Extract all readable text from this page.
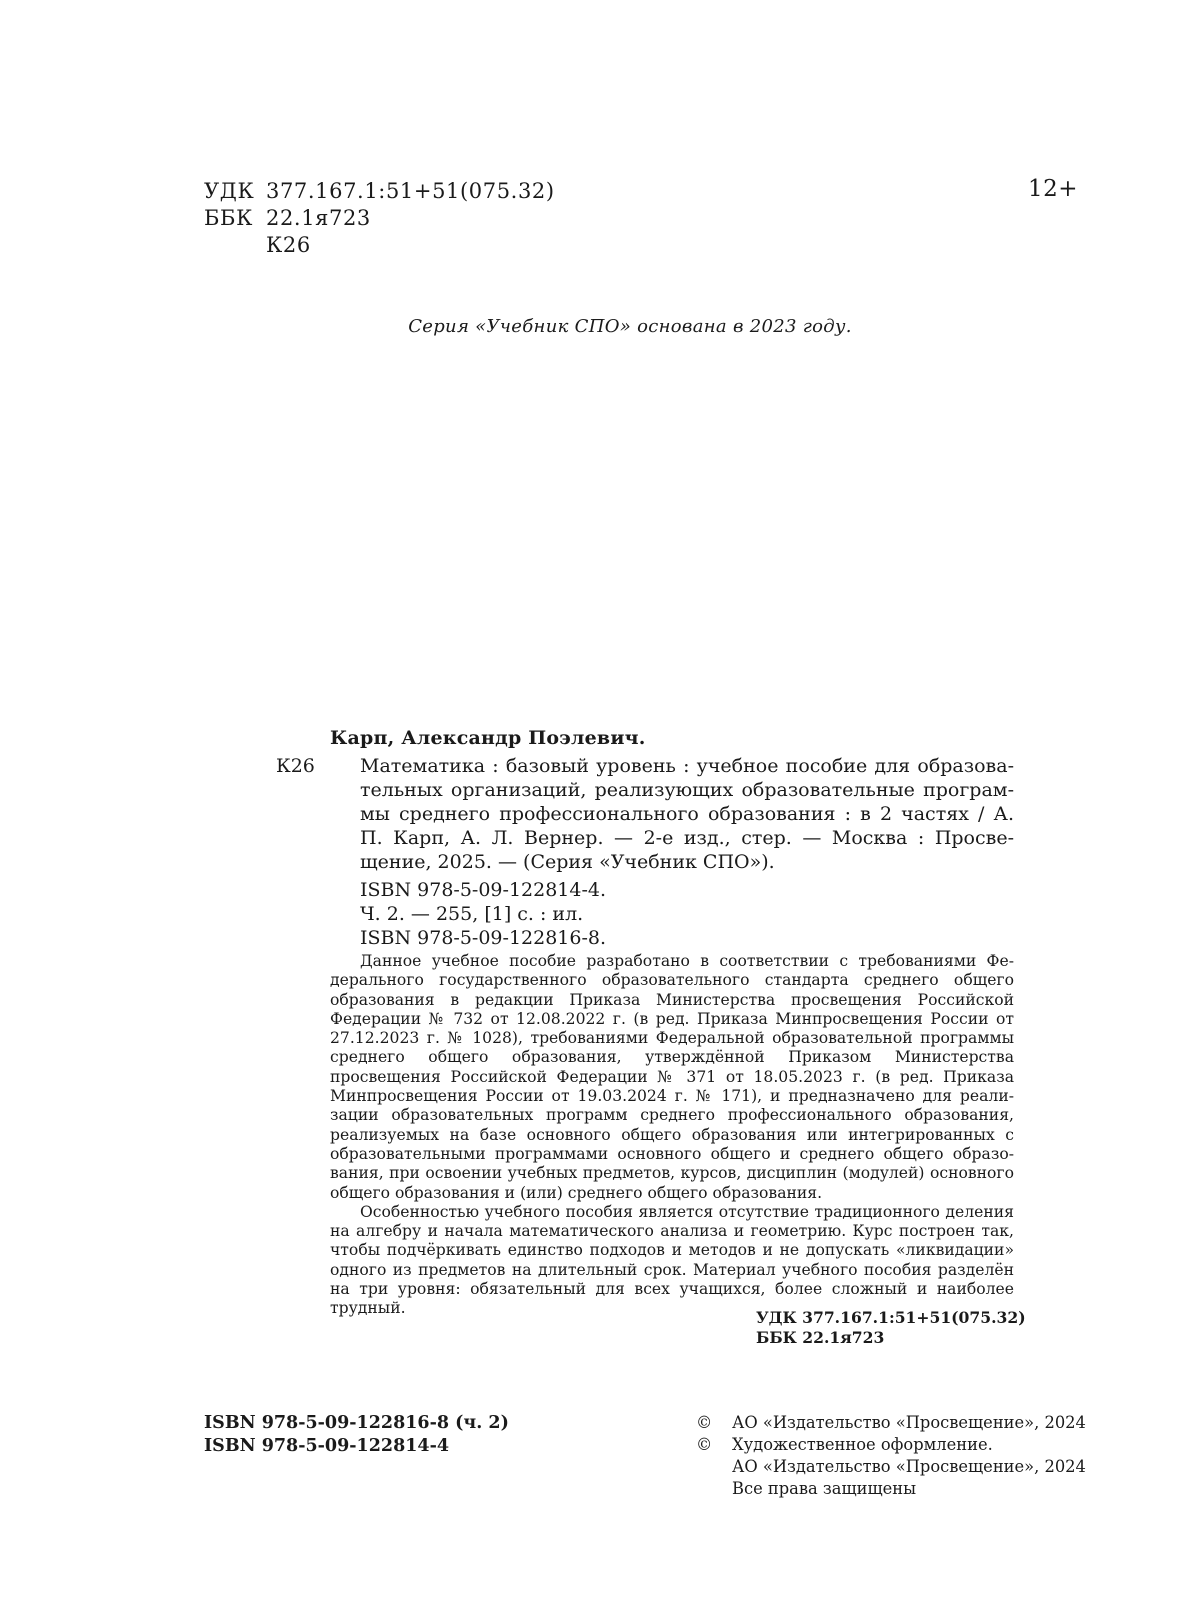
УДК 377.167.1:51+51(075.32)
ББК 22.1я723
К26
12+
Серия «Учебник СПО» основана в 2023 году.
Карп, Александр Поэлевич.
К26	Математика : базовый уровень : учебное пособие для образовательных организаций, реализующих образовательные программы среднего профессионального образования : в 2 частях / А. П. Карп, А. Л. Вернер. — 2-е изд., стер. — Москва : Просвещение, 2025. — (Серия «Учебник СПО»).
ISBN 978-5-09-122814-4.
Ч. 2. — 255, [1] с. : ил.
ISBN 978-5-09-122816-8.

Данное учебное пособие разработано в соответствии с требованиями Федерального государственного образовательного стандарта среднего общего образования в редакции Приказа Министерства просвещения Российской Федерации № 732 от 12.08.2022 г. (в ред. Приказа Минпросвещения России от 27.12.2023 г. № 1028), требованиями Федеральной образовательной программы среднего общего образования, утверждённой Приказом Министерства просвещения Российской Федерации № 371 от 18.05.2023 г. (в ред. Приказа Минпросвещения России от 19.03.2024 г. № 171), и предназначено для реализации образовательных программ среднего профессионального образования, реализуемых на базе основного общего образования или интегрированных с образовательными программами основного общего и среднего общего образования, при освоении учебных предметов, курсов, дисциплин (модулей) основного общего образования и (или) среднего общего образования.

Особенностью учебного пособия является отсутствие традиционного деления на алгебру и начала математического анализа и геометрию. Курс построен так, чтобы подчёркивать единство подходов и методов и не допускать «ликвидации» одного из предметов на длительный срок. Материал учебного пособия разделён на три уровня: обязательный для всех учащихся, более сложный и наиболее трудный.	УДК 377.167.1:51+51(075.32)
ББК 22.1я723
ISBN 978-5-09-122816-8 (ч. 2)
ISBN 978-5-09-122814-4
©	АО «Издательство «Просвещение», 2024
©	Художественное оформление.
АО «Издательство «Просвещение», 2024
Все права защищены
